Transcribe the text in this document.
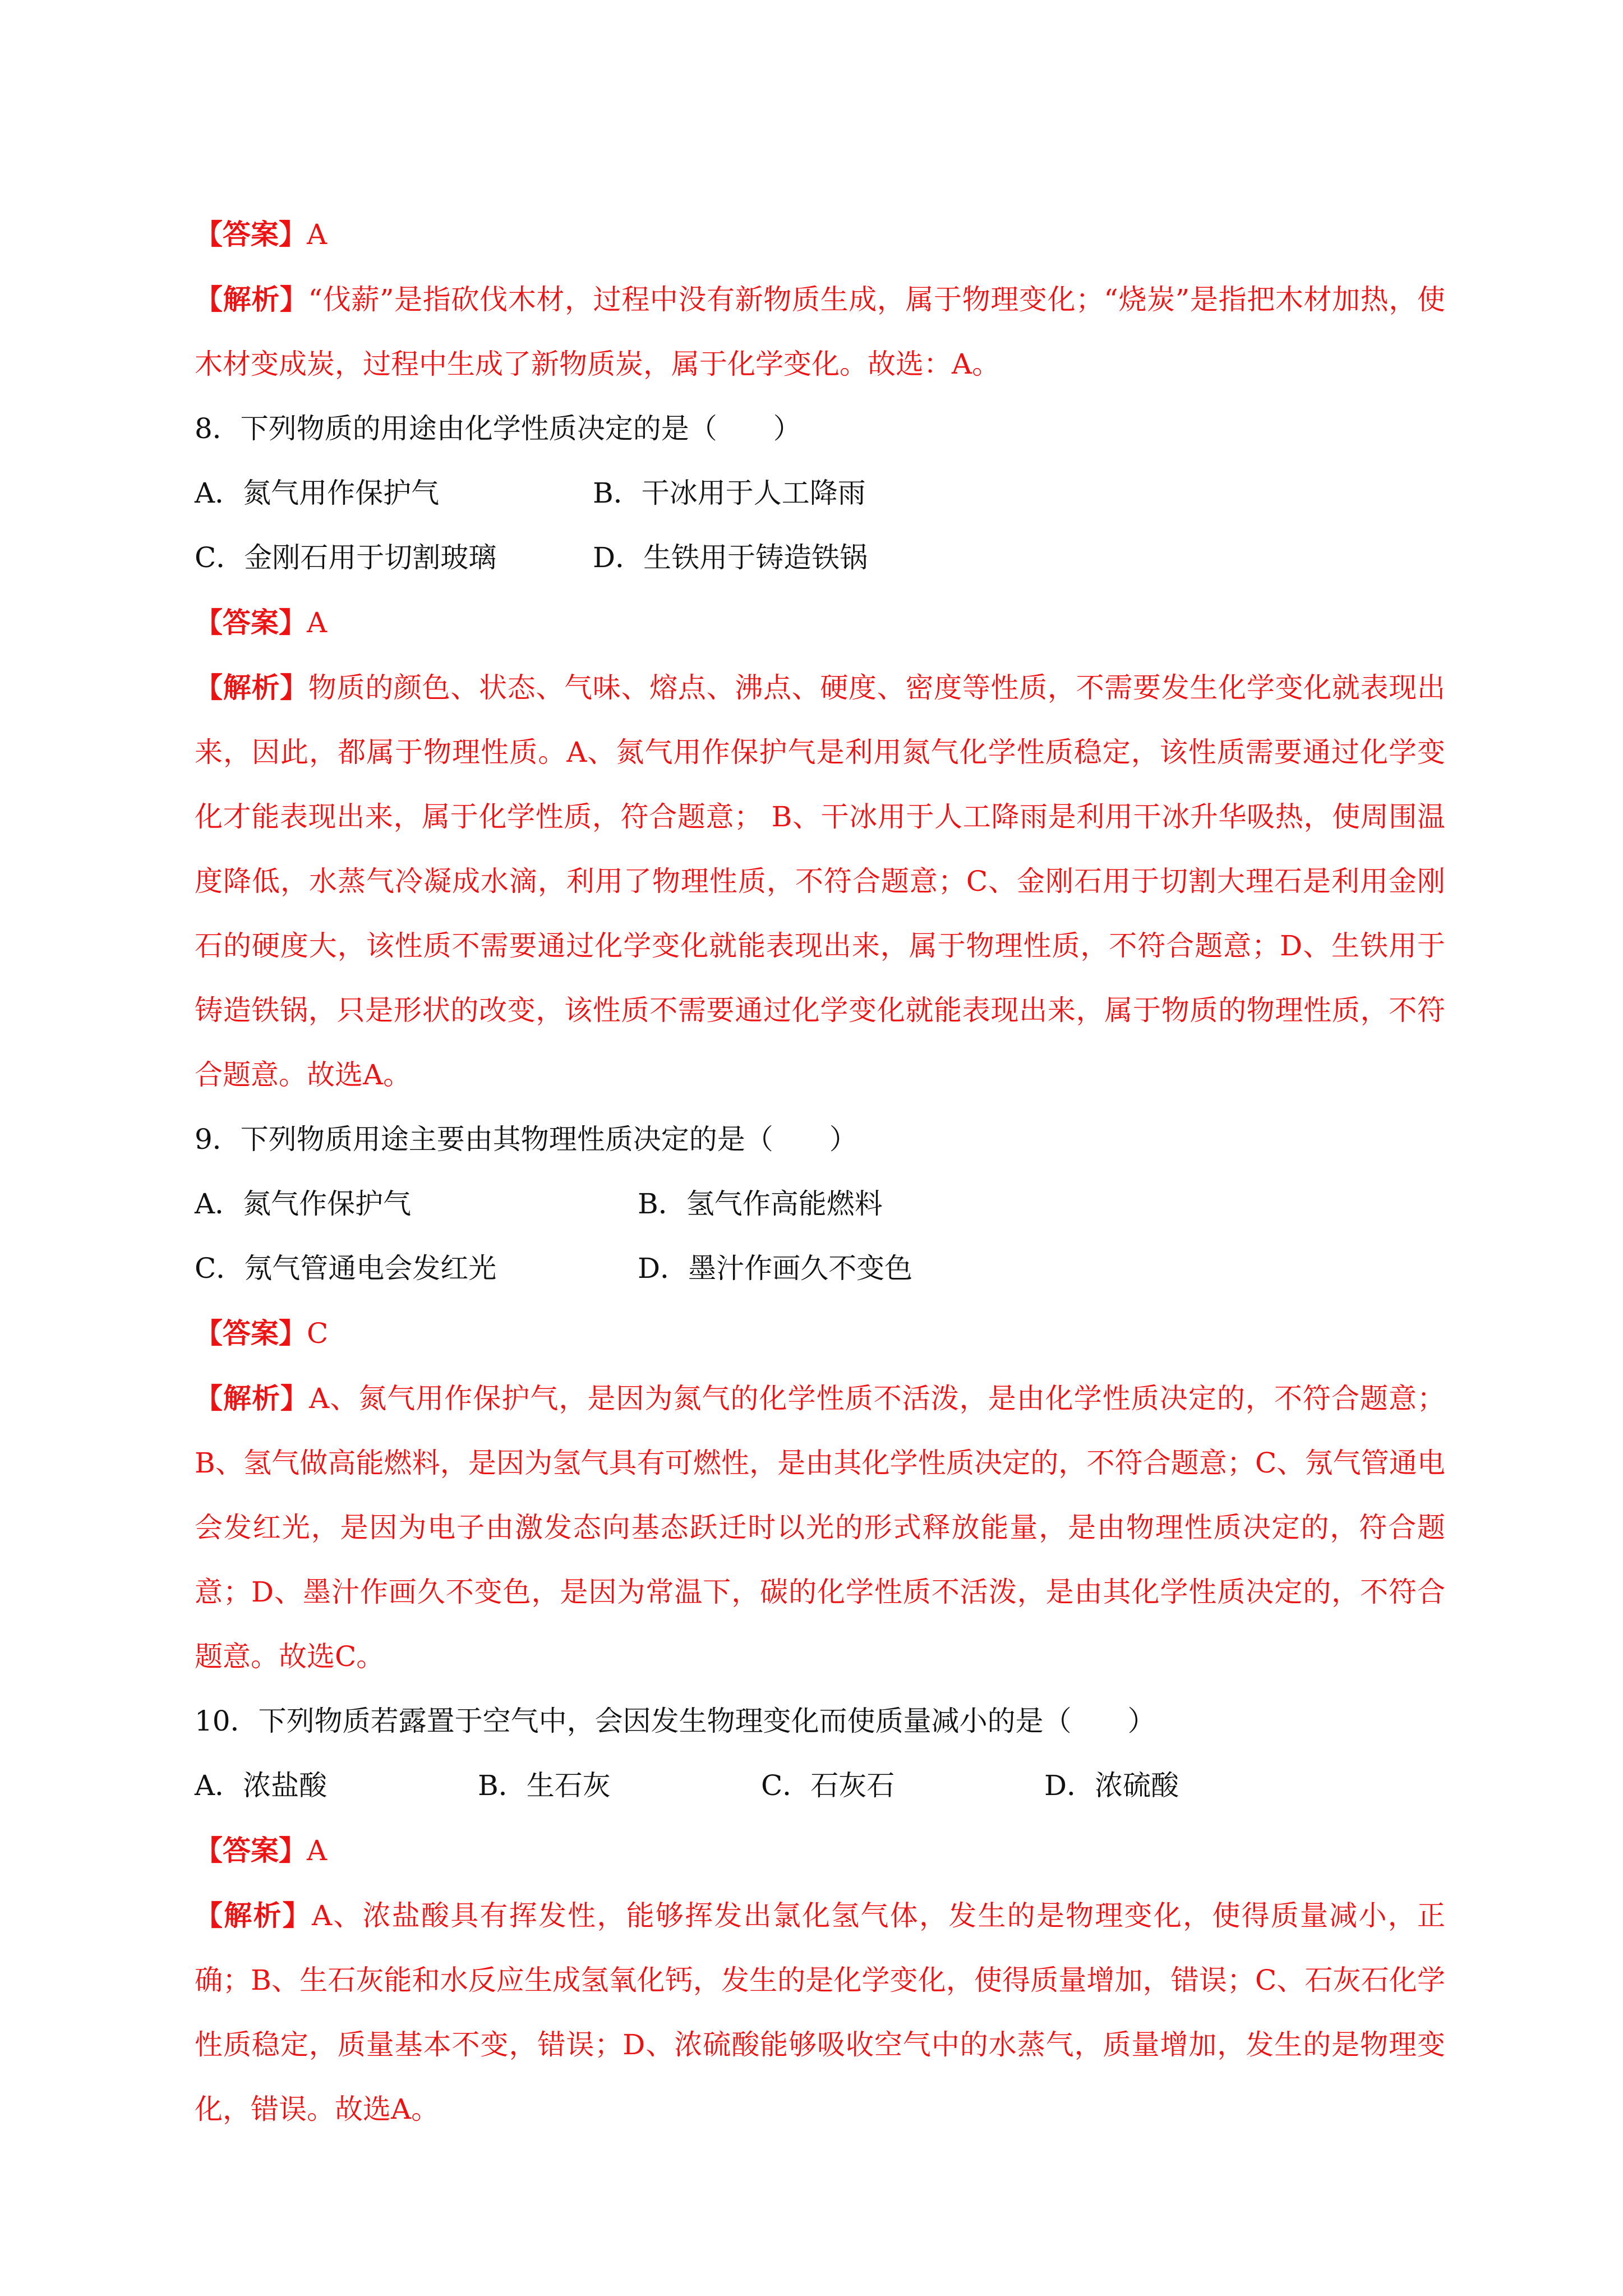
【答案】A
【解析】“伐薪”是指砍伐木材，过程中没有新物质生成，属于物理变化；“烧炭”是指把木材加热，使木材变成炭，过程中生成了新物质炭，属于化学变化。故选：A。
8．下列物质的用途由化学性质决定的是（　　）
A．氮气用作保护气	B．干冰用于人工降雨
C．金刚石用于切割玻璃	D．生铁用于铸造铁锅
【答案】A
【解析】物质的颜色、状态、气味、熔点、沸点、硬度、密度等性质，不需要发生化学变化就表现出来，因此，都属于物理性质。A、氮气用作保护气是利用氮气化学性质稳定，该性质需要通过化学变化才能表现出来，属于化学性质，符合题意； B、干冰用于人工降雨是利用干冰升华吸热，使周围温度降低，水蒸气冷凝成水滴，利用了物理性质，不符合题意；C、金刚石用于切割大理石是利用金刚石的硬度大，该性质不需要通过化学变化就能表现出来，属于物理性质，不符合题意；D、生铁用于铸造铁锅，只是形状的改变，该性质不需要通过化学变化就能表现出来，属于物质的物理性质，不符合题意。故选A。
9．下列物质用途主要由其物理性质决定的是（　　）
A．氮气作保护气	B．氢气作高能燃料
C．氖气管通电会发红光	D．墨汁作画久不变色
【答案】C
【解析】A、氮气用作保护气，是因为氮气的化学性质不活泼，是由化学性质决定的，不符合题意；B、氢气做高能燃料，是因为氢气具有可燃性，是由其化学性质决定的，不符合题意；C、氖气管通电会发红光，是因为电子由激发态向基态跃迁时以光的形式释放能量，是由物理性质决定的，符合题意；D、墨汁作画久不变色，是因为常温下，碳的化学性质不活泼，是由其化学性质决定的，不符合题意。故选C。
10．下列物质若露置于空气中，会因发生物理变化而使质量减小的是（　　）
A．浓盐酸	B．生石灰	C．石灰石	D．浓硫酸
【答案】A
【解析】A、浓盐酸具有挥发性，能够挥发出氯化氢气体，发生的是物理变化，使得质量减小，正确；B、生石灰能和水反应生成氢氧化钙，发生的是化学变化，使得质量增加，错误；C、石灰石化学性质稳定，质量基本不变，错误；D、浓硫酸能够吸收空气中的水蒸气，质量增加，发生的是物理变化，错误。故选A。
